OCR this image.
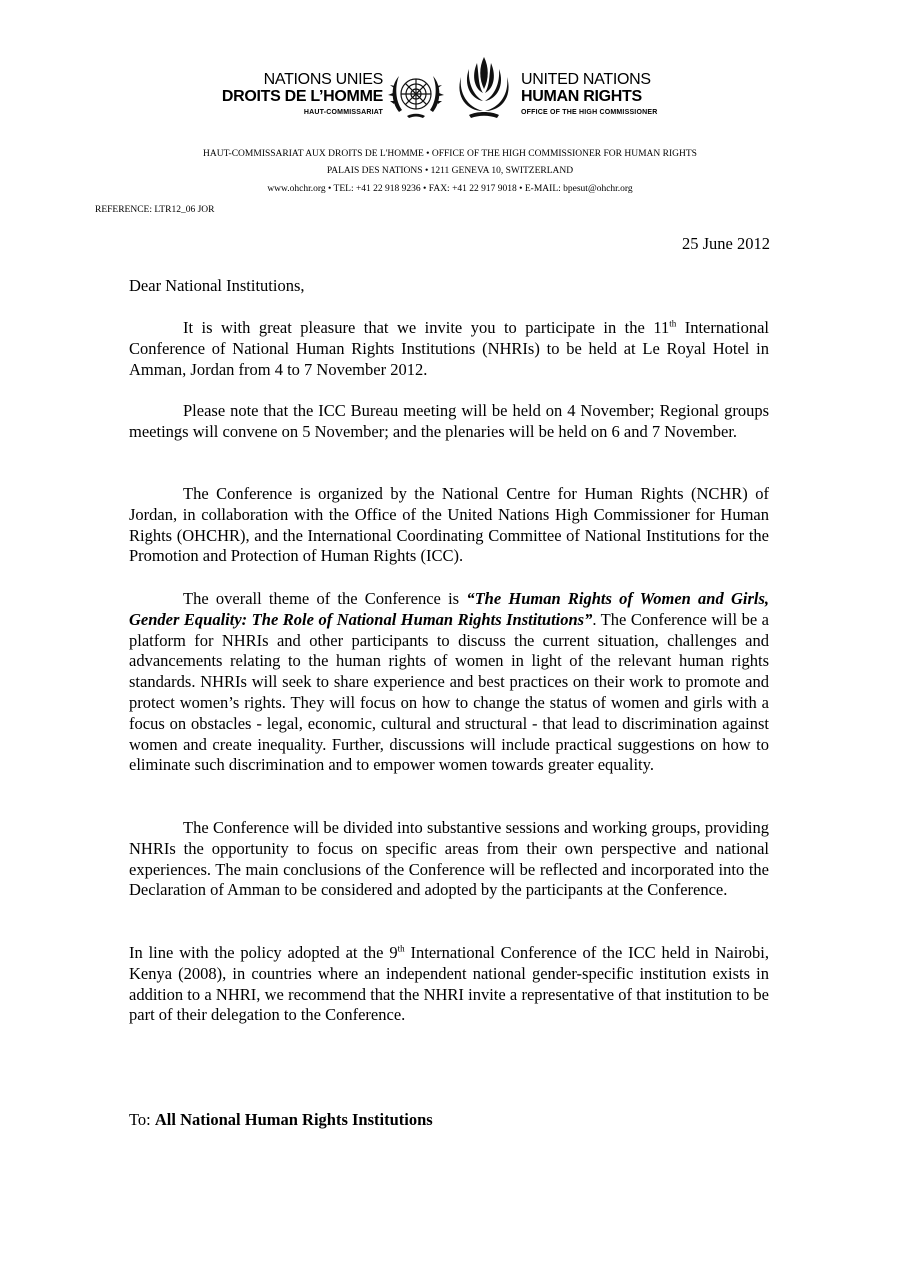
NATIONS UNIES
DROITS DE L’HOMME
HAUT-COMMISSARIAT
UNITED NATIONS
HUMAN RIGHTS
OFFICE OF THE HIGH COMMISSIONER
HAUT-COMMISSARIAT AUX DROITS DE L'HOMME • OFFICE OF THE HIGH COMMISSIONER FOR HUMAN RIGHTS
PALAIS DES NATIONS • 1211 GENEVA 10, SWITZERLAND
www.ohchr.org • TEL: +41 22 918 9236 • FAX: +41 22 917 9018 • E-MAIL: bpesut@ohchr.org
REFERENCE: LTR12_06 JOR
25 June 2012
Dear National Institutions,

It is with great pleasure that we invite you to participate in the 11th International Conference of National Human Rights Institutions (NHRIs) to be held at Le Royal Hotel in Amman, Jordan from 4 to 7 November 2012.

Please note that the ICC Bureau meeting will be held on 4 November; Regional groups meetings will convene on 5 November; and the plenaries will be held on 6 and 7 November.

The Conference is organized by the National Centre for Human Rights (NCHR) of Jordan, in collaboration with the Office of the United Nations High Commissioner for Human Rights (OHCHR), and the International Coordinating Committee of National Institutions for the Promotion and Protection of Human Rights (ICC).

The overall theme of the Conference is “The Human Rights of Women and Girls, Gender Equality: The Role of National Human Rights Institutions”. The Conference will be a platform for NHRIs and other participants to discuss the current situation, challenges and advancements relating to the human rights of women in light of the relevant human rights standards. NHRIs will seek to share experience and best practices on their work to promote and protect women’s rights. They will focus on how to change the status of women and girls with a focus on obstacles - legal, economic, cultural and structural - that lead to discrimination against women and create inequality. Further, discussions will include practical suggestions on how to eliminate such discrimination and to empower women towards greater equality.

The Conference will be divided into substantive sessions and working groups, providing NHRIs the opportunity to focus on specific areas from their own perspective and national experiences. The main conclusions of the Conference will be reflected and incorporated into the Declaration of Amman to be considered and adopted by the participants at the Conference.

In line with the policy adopted at the 9th International Conference of the ICC held in Nairobi, Kenya (2008), in countries where an independent national gender-specific institution exists in addition to a NHRI, we recommend that the NHRI invite a representative of that institution to be part of their delegation to the Conference.

To: All National Human Rights Institutions
